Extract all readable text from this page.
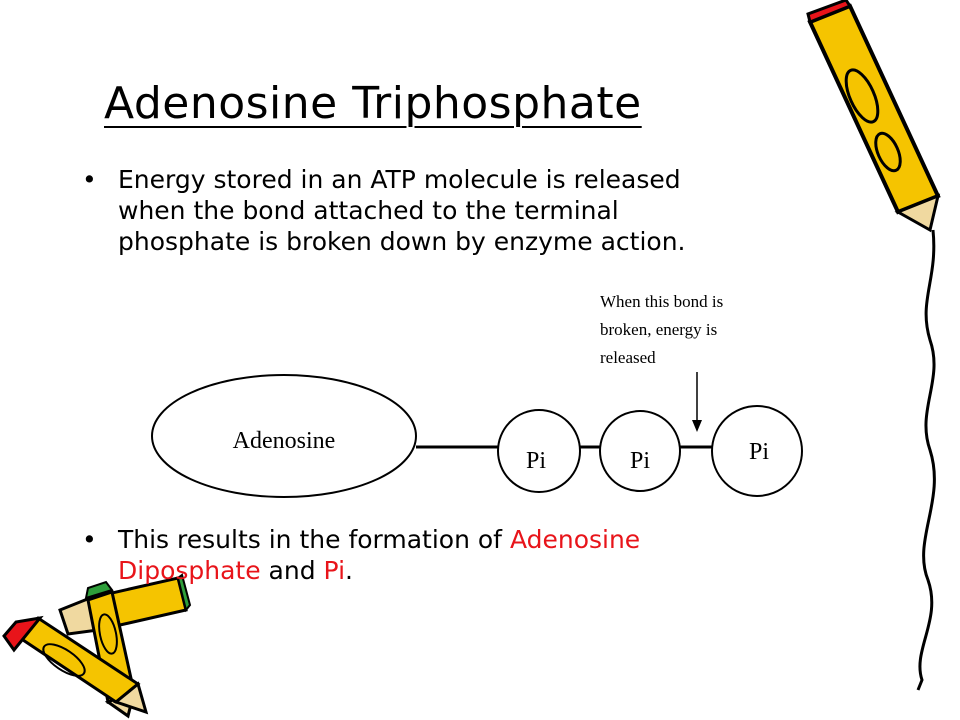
Adenosine Triphosphate
• Energy stored in an ATP molecule is released
when the bond attached to the terminal
phosphate is broken down by enzyme action.
When this bond is
broken, energy is
released
Adenosine
Pi	Pi	Pi
• This results in the formation of Adenosine
Diposphate and Pi.
